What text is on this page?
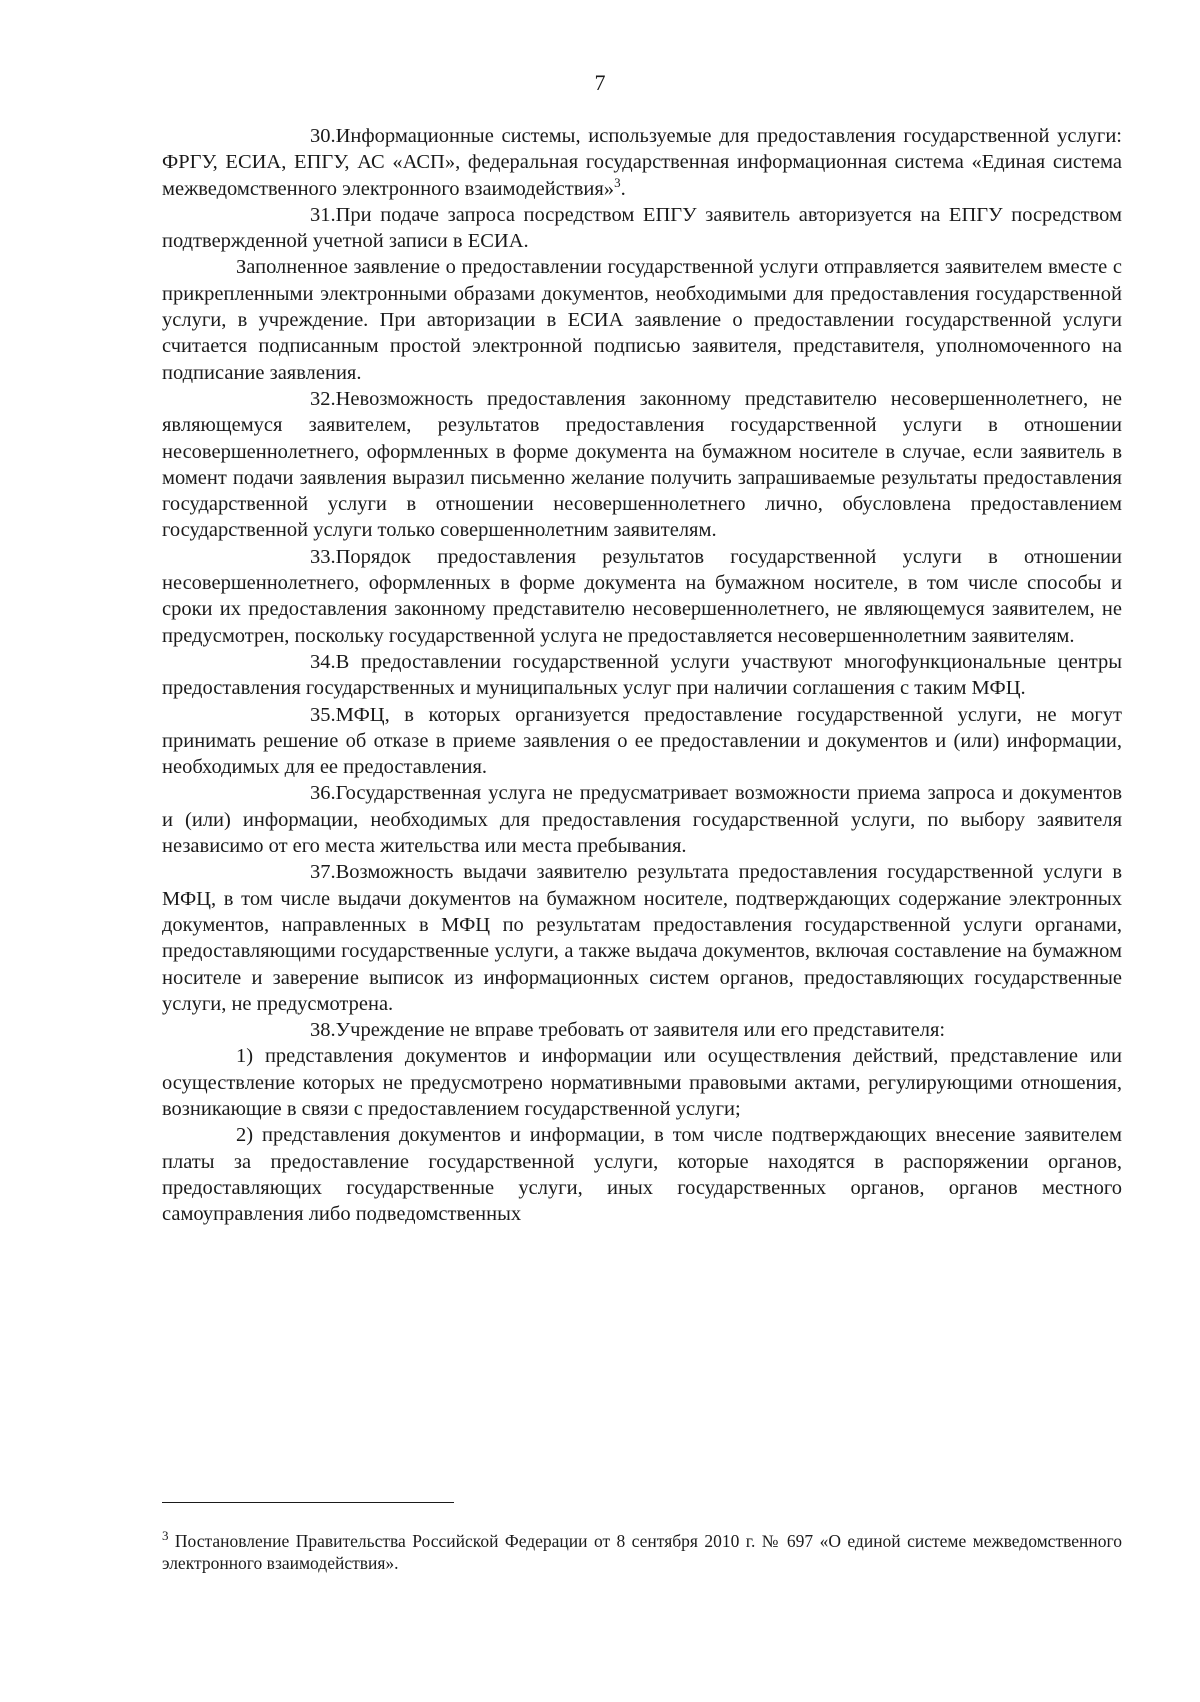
7

30.Информационные системы, используемые для предоставления государственной услуги: ФРГУ, ЕСИА, ЕПГУ, АС «АСП», федеральная государственная информационная система «Единая система межведомственного электронного взаимодействия»$^3$.

31.При подаче запроса посредством ЕПГУ заявитель авторизуется на ЕПГУ посредством подтвержденной учетной записи в ЕСИА.

Заполненное заявление о предоставлении государственной услуги отправляется заявителем вместе с прикрепленными электронными образами документов, необходимыми для предоставления государственной услуги, в учреждение. При авторизации в ЕСИА заявление о предоставлении государственной услуги считается подписанным простой электронной подписью заявителя, представителя, уполномоченного на подписание заявления.

32.Невозможность предоставления законному представителю несовершеннолетнего, не являющемуся заявителем, результатов предоставления государственной услуги в отношении несовершеннолетнего, оформленных в форме документа на бумажном носителе в случае, если заявитель в момент подачи заявления выразил письменно желание получить запрашиваемые результаты предоставления государственной услуги в отношении несовершеннолетнего лично, обусловлена предоставлением государственной услуги только совершеннолетним заявителям.

33.Порядок предоставления результатов государственной услуги в отношении несовершеннолетнего, оформленных в форме документа на бумажном носителе, в том числе способы и сроки их предоставления законному представителю несовершеннолетнего, не являющемуся заявителем, не предусмотрен, поскольку государственной услуга не предоставляется несовершеннолетним заявителям.

34.В предоставлении государственной услуги участвуют многофункциональные центры предоставления государственных и муниципальных услуг при наличии соглашения с таким МФЦ.

35.МФЦ, в которых организуется предоставление государственной услуги, не могут принимать решение об отказе в приеме заявления о ее предоставлении и документов и (или) информации, необходимых для ее предоставления.

36.Государственная услуга не предусматривает возможности приема запроса и документов и (или) информации, необходимых для предоставления государственной услуги, по выбору заявителя независимо от его места жительства или места пребывания.

37.Возможность выдачи заявителю результата предоставления государственной услуги в МФЦ, в том числе выдачи документов на бумажном носителе, подтверждающих содержание электронных документов, направленных в МФЦ по результатам предоставления государственной услуги органами, предоставляющими государственные услуги, а также выдача документов, включая составление на бумажном носителе и заверение выписок из информационных систем органов, предоставляющих государственные услуги, не предусмотрена.

38.Учреждение не вправе требовать от заявителя или его представителя:

1) представления документов и информации или осуществления действий, представление или осуществление которых не предусмотрено нормативными правовыми актами, регулирующими отношения, возникающие в связи с предоставлением государственной услуги;

2) представления документов и информации, в том числе подтверждающих внесение заявителем платы за предоставление государственной услуги, которые находятся в распоряжении органов, предоставляющих государственные услуги, иных государственных органов, органов местного самоуправления либо подведомственных

$^3$ Постановление Правительства Российской Федерации от 8 сентября 2010 г. № 697 «О единой системе межведомственного электронного взаимодействия».
